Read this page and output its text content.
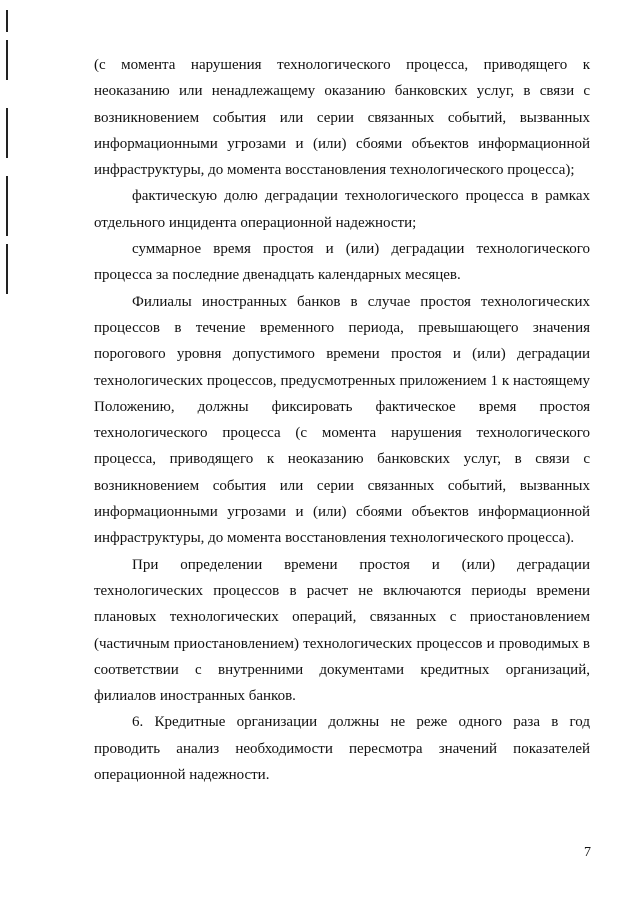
(с момента нарушения технологического процесса, приводящего к неоказанию или ненадлежащему оказанию банковских услуг, в связи с возникновением события или серии связанных событий, вызванных информационными угрозами и (или) сбоями объектов информационной инфраструктуры, до момента восстановления технологического процесса);

фактическую долю деградации технологического процесса в рамках отдельного инцидента операционной надежности;

суммарное время простоя и (или) деградации технологического процесса за последние двенадцать календарных месяцев.

Филиалы иностранных банков в случае простоя технологических процессов в течение временного периода, превышающего значения порогового уровня допустимого времени простоя и (или) деградации технологических процессов, предусмотренных приложением 1 к настоящему Положению, должны фиксировать фактическое время простоя технологического процесса (с момента нарушения технологического процесса, приводящего к неоказанию банковских услуг, в связи с возникновением события или серии связанных событий, вызванных информационными угрозами и (или) сбоями объектов информационной инфраструктуры, до момента восстановления технологического процесса).

При определении времени простоя и (или) деградации технологических процессов в расчет не включаются периоды времени плановых технологических операций, связанных с приостановлением (частичным приостановлением) технологических процессов и проводимых в соответствии с внутренними документами кредитных организаций, филиалов иностранных банков.

6. Кредитные организации должны не реже одного раза в год проводить анализ необходимости пересмотра значений показателей операционной надежности.

7
